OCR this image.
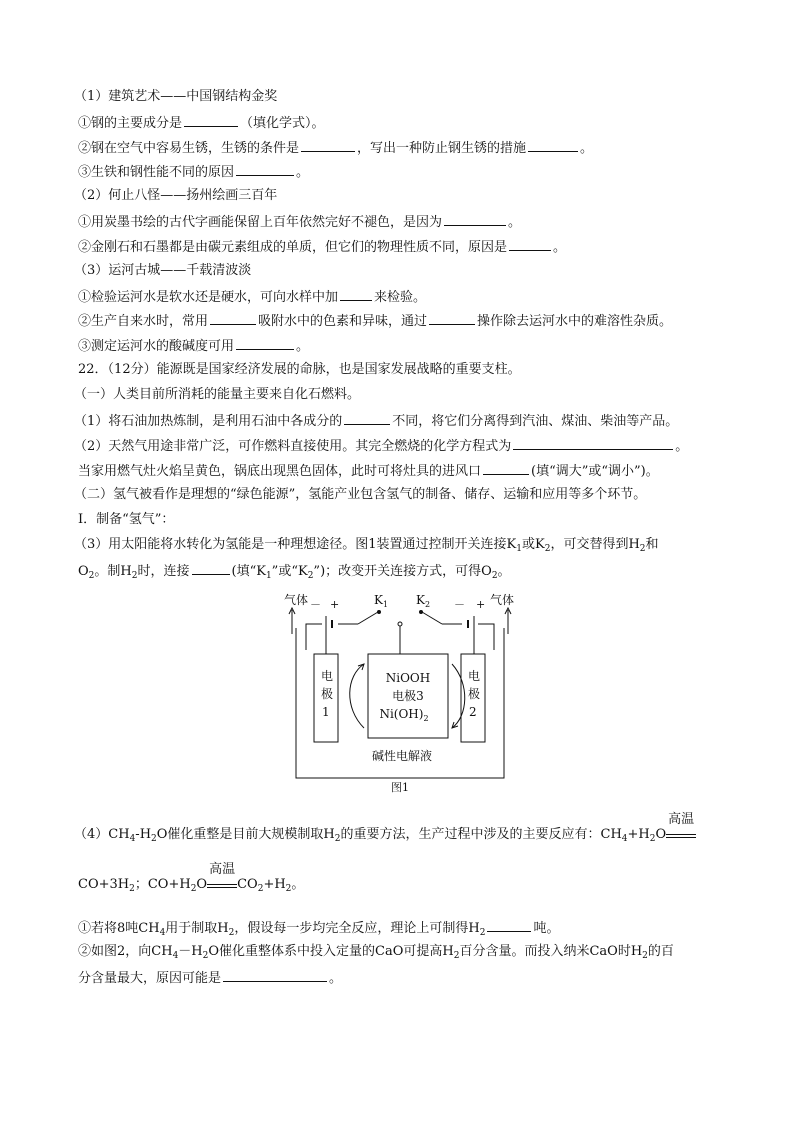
（1）建筑艺术——中国钢结构金奖
①钢的主要成分是	（填化学式）。
②钢在空气中容易生锈，生锈的条件是	，写出一种防止钢生锈的措施	。
③生铁和钢性能不同的原因	。
（2）何止八怪——扬州绘画三百年
①用炭墨书绘的古代字画能保留上百年依然完好不褪色，是因为	。
②金刚石和石墨都是由碳元素组成的单质，但它们的物理性质不同，原因是	。
（3）运河古城——千载清波淡
①检验运河水是软水还是硬水，可向水样中加	来检验。
②生产自来水时，常用	吸附水中的色素和异味，通过	操作除去运河水中的难溶性杂质。
③测定运河水的酸碱度可用	。
22．（12分）能源既是国家经济发展的命脉，也是国家发展战略的重要支柱。
（一）人类目前所消耗的能量主要来自化石燃料。
（1）将石油加热炼制，是利用石油中各成分的	不同，将它们分离得到汽油、煤油、柴油等产品。
（2）天然气用途非常广泛，可作燃料直接使用。其完全燃烧的化学方程式为	。
当家用燃气灶火焰呈黄色，锅底出现黑色固体，此时可将灶具的进风口	(填“调大”或“调小”)。
（二）氢气被看作是理想的“绿色能源”，氢能产业包含氢气的制备、储存、运输和应用等多个环节。
I．制备“氢气”：
（3）用太阳能将水转化为氢能是一种理想途径。图1装置通过控制开关连接$K_1$或$K_2$，可交替得到$H_2$和
$O_2$。制$H_2$时，连接	(填“$K_1$”或“$K_2$”)；改变开关连接方式，可得$O_2$。
气体	气体
－ +	－ +
$K_1$ $K_2$
电
极
1
电
极
2
NiOOH
电极3
$Ni(OH)_2$
碱性电解液
图1
$(4)CH_4-H_2O$催化重整是目前大规模制取$H_2$的重要方法，生产过程中涉及的主要反应有：$CH_4+H_2O$
高温
$CO+3H_2$；$CO+H_2O$
高温
$CO_2+H_2$。
①若将8吨$CH_4$用于制取$H_2$，假设每一步均完全反应，理论上可制得$H_2$	吨。
②如图2，向$CH_4-H_2O$催化重整体系中投入定量的CaO可提高$H_2$百分含量。而投入纳米CaO时$H_2$的百
分含量最大，原因可能是	。
